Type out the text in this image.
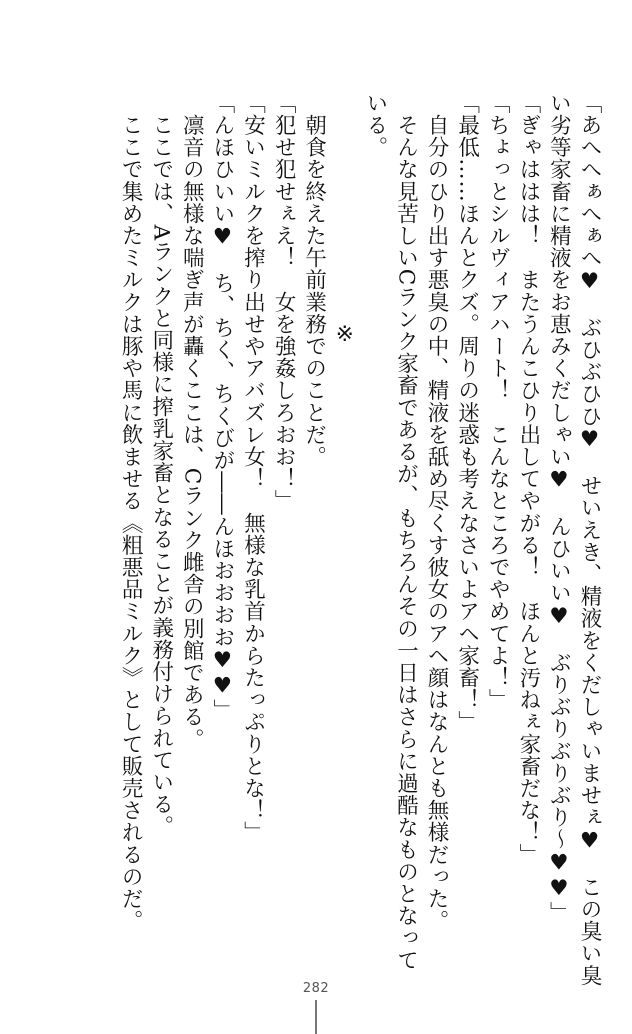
「あへへぁへぁへ♥　ぶひぶひひ♥　せいえき、精液をくだしゃいませぇ♥　この臭い臭

い劣等家畜に精液をお恵みくだしゃい♥　んひいい♥　ぶりぶりぶりぶり～♥♥」

「ぎゃははは！　またうんこひり出してやがる！　ほんと汚ねぇ家畜だな！」

「ちょっとシルヴィアハート！　こんなところでやめてよ！」

「最低……ほんとクズ。周りの迷惑も考えなさいよアヘ家畜！」

　自分のひり出す悪臭の中、精液を舐め尽くす彼女のアヘ顔はなんとも無様だった。

　そんな見苦しいCランク家畜であるが、もちろんその一日はさらに過酷なものとなって

いる。

※

　朝食を終えた午前業務でのことだ。

「犯せ犯せぇえ！　女を強姦しろおお！」

「安いミルクを搾り出せやアバズレ女！　無様な乳首からたっぷりとな！」

「んほひいい♥　ち、ちく、ちくびが――んほおおおお♥♥」

　凛音の無様な喘ぎ声が轟くここは、Cランク雌舎の別館である。

　ここでは、Aランクと同様に搾乳家畜となることが義務付けられている。

　ここで集めたミルクは豚や馬に飲ませる《粗悪品ミルク》として販売されるのだ。

282
